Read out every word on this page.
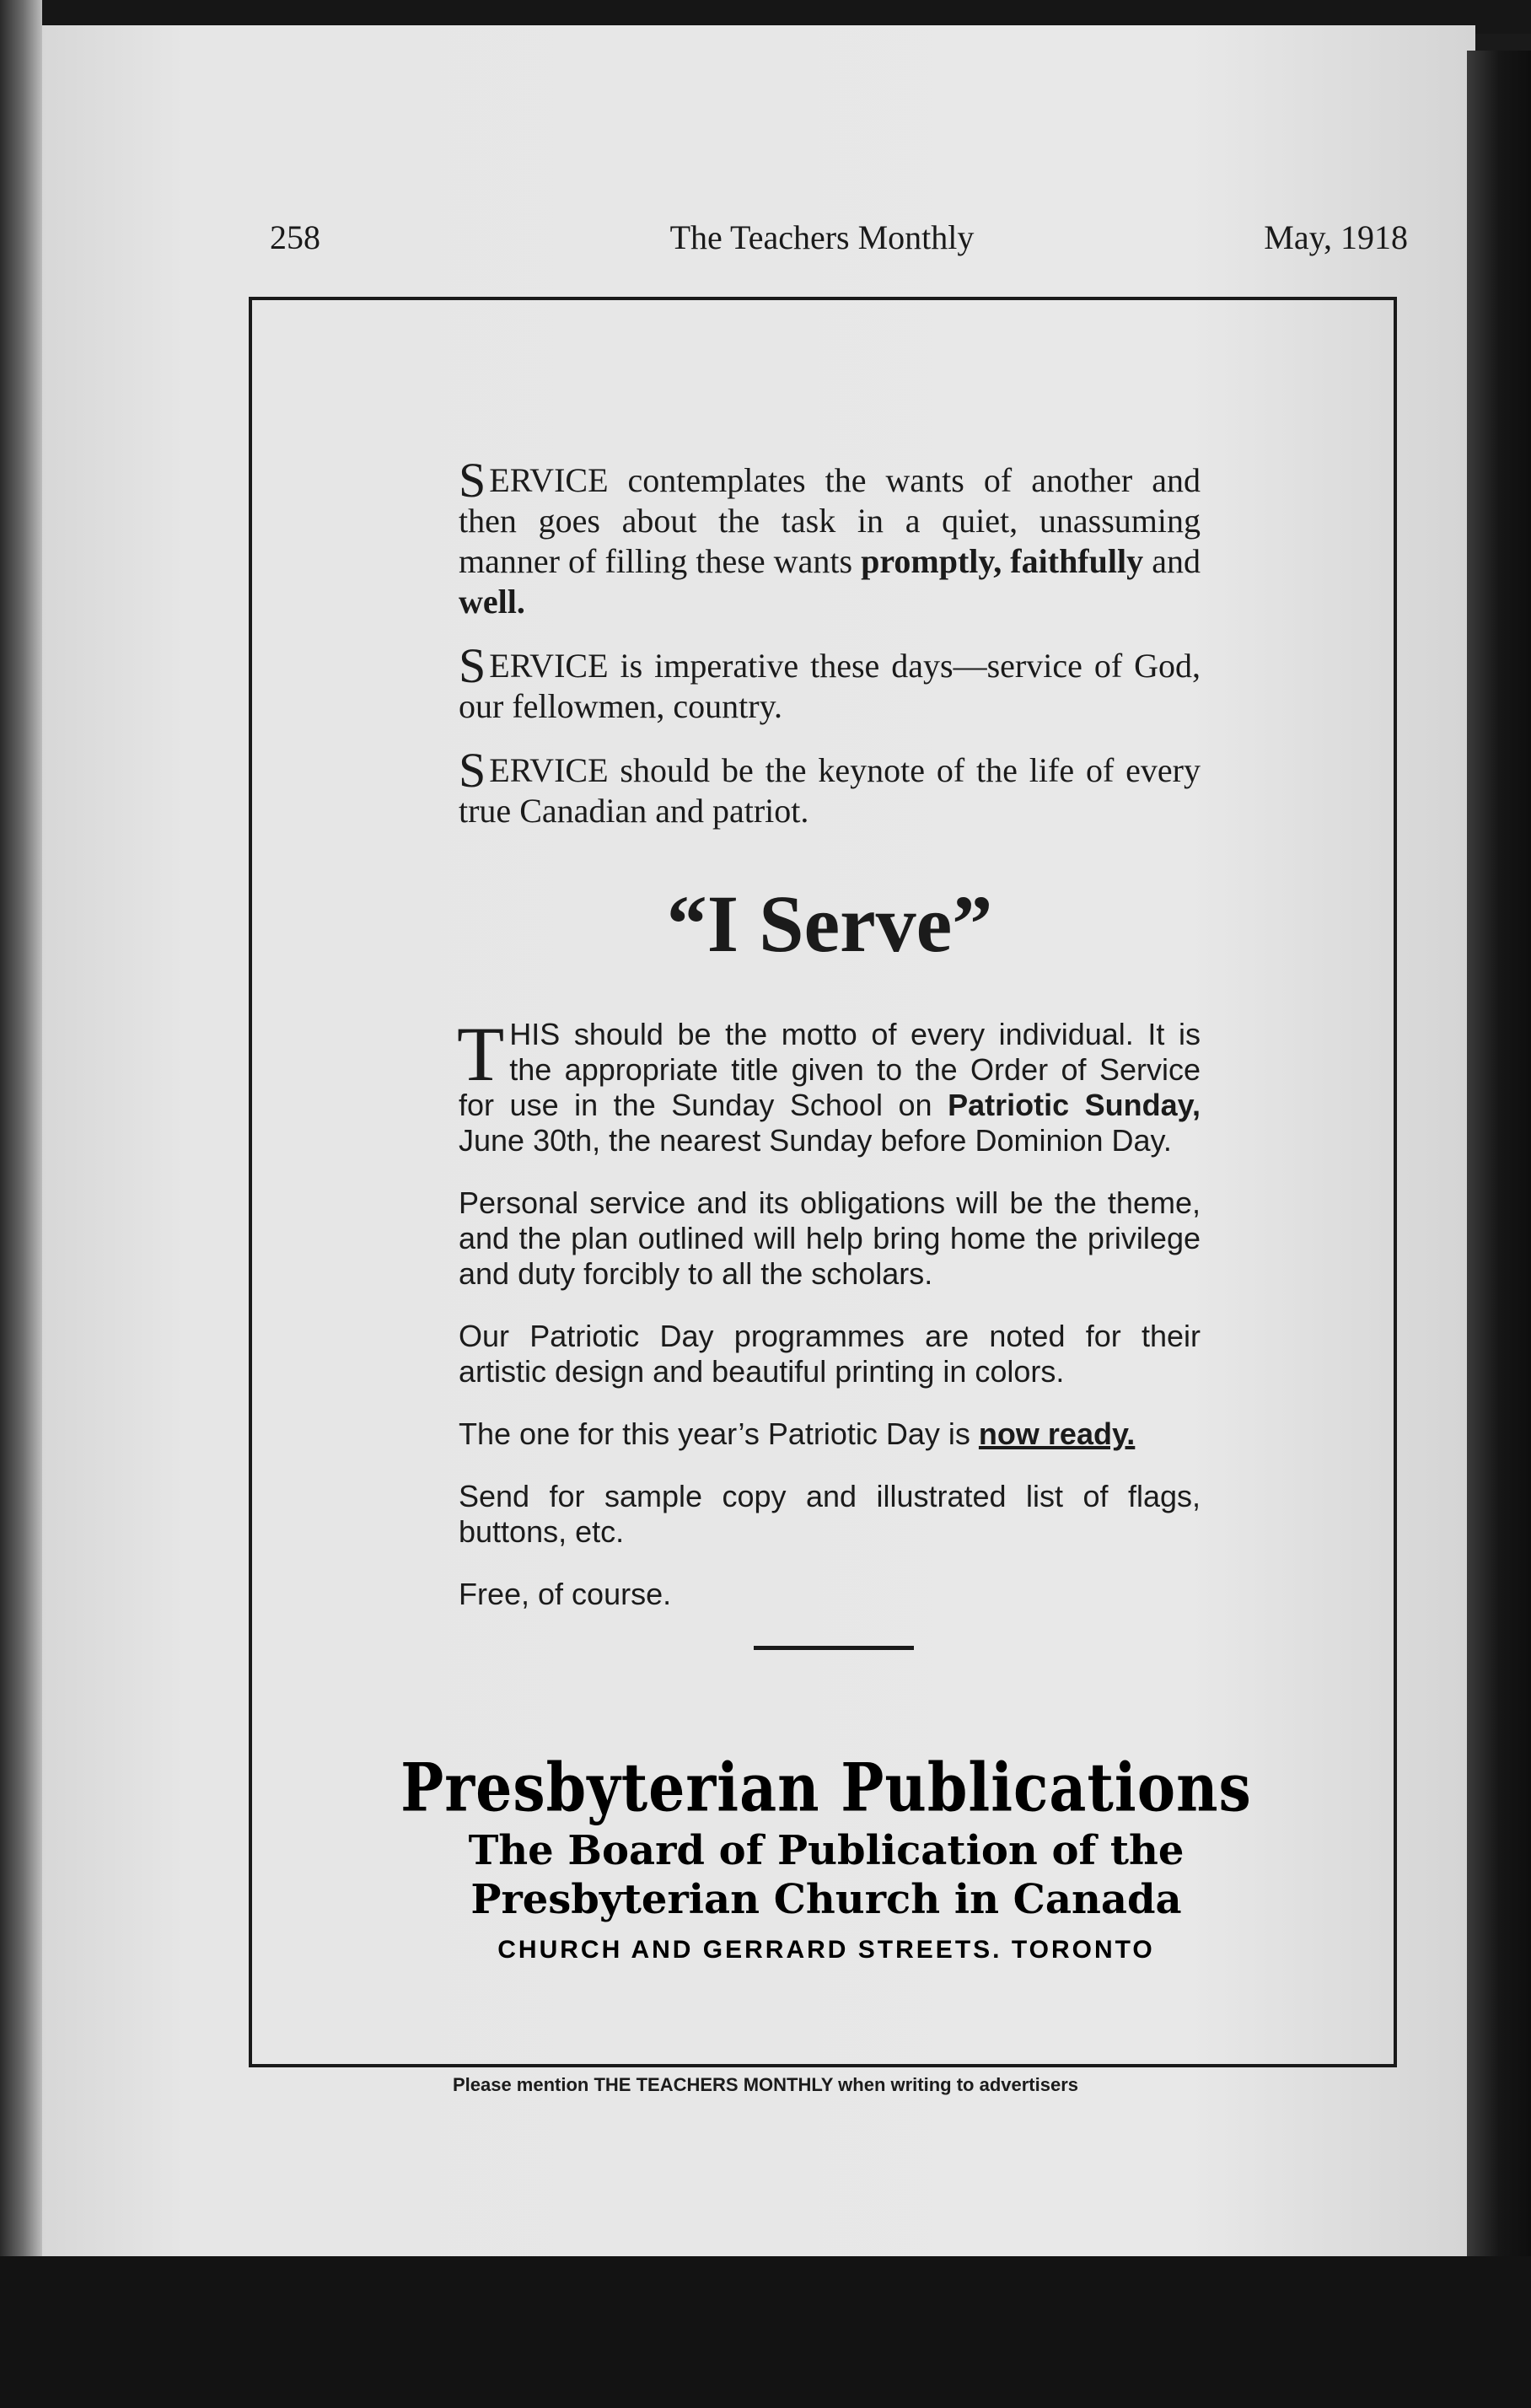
258	The Teachers Monthly	May, 1918

S ERVICE contemplates the wants of another and then goes about the task in a quiet, unassuming manner of filling these wants promptly, faithfully and well.

S ERVICE is imperative these days—service of God, our fellowmen, country.

S ERVICE should be the keynote of the life of every true Canadian and patriot.

“I Serve”

THIS should be the motto of every individual. It is the appropriate title given to the Order of Service for use in the Sunday School on Patriotic Sunday, June 30th, the nearest Sunday before Dominion Day.

Personal service and its obligations will be the theme, and the plan outlined will help bring home the privilege and duty forcibly to all the scholars.

Our Patriotic Day programmes are noted for their artistic design and beautiful printing in colors.

The one for this year’s Patriotic Day is now ready.

Send for sample copy and illustrated list of flags, buttons, etc.

Free, of course.

Presbyterian Publications
The Board of Publication of the
Presbyterian Church in Canada
CHURCH AND GERRARD STREETS. TORONTO
Please mention THE TEACHERS MONTHLY when writing to advertisers
